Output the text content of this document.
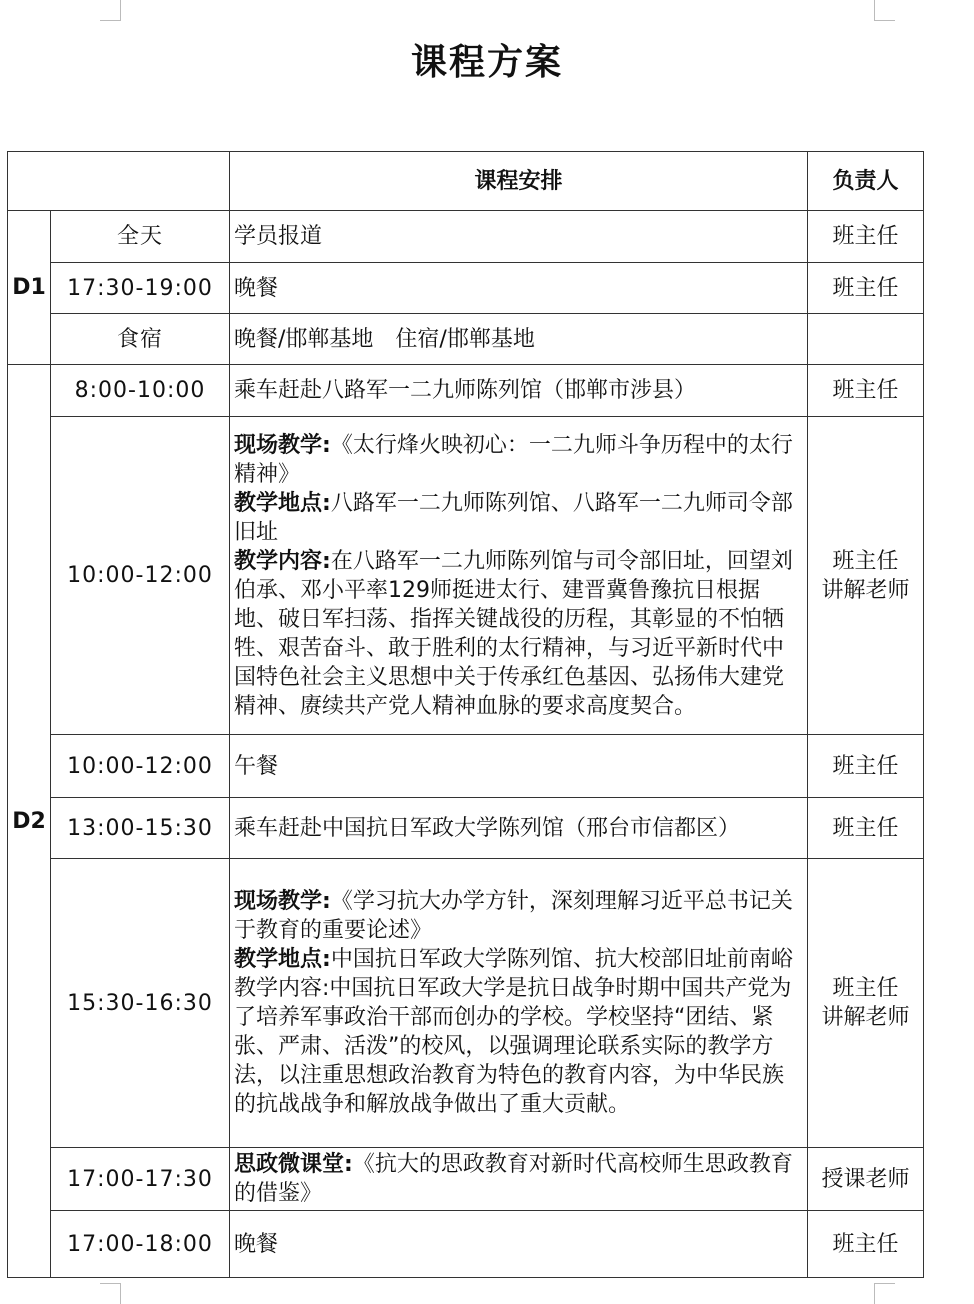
课程方案
		课程安排	负责人
D1	全天	学员报道	班主任
	17:30-19:00	晚餐	班主任
	食宿	晚餐/邯郸基地　住宿/邯郸基地	
D2	8:00-10:00	乘车赶赴八路军一二九师陈列馆（邯郸市涉县）	班主任
	10:00-12:00	现场教学:《太行烽火映初心：一二九师斗争历程中的太行精神》
教学地点:八路军一二九师陈列馆、八路军一二九师司令部旧址
教学内容:在八路军一二九师陈列馆与司令部旧址，回望刘伯承、邓小平率129师挺进太行、建晋冀鲁豫抗日根据地、破日军扫荡、指挥关键战役的历程，其彰显的不怕牺牲、艰苦奋斗、敢于胜利的太行精神，与习近平新时代中国特色社会主义思想中关于传承红色基因、弘扬伟大建党精神、赓续共产党人精神血脉的要求高度契合。	班主任
讲解老师

	10:00-12:00	午餐	班主任
	13:00-15:30	乘车赶赴中国抗日军政大学陈列馆（邢台市信都区）	班主任
	15:30-16:30	现场教学:《学习抗大办学方针，深刻理解习近平总书记关于教育的重要论述》
教学地点:中国抗日军政大学陈列馆、抗大校部旧址前南峪
教学内容:中国抗日军政大学是抗日战争时期中国共产党为了培养军事政治干部而创办的学校。学校坚持“团结、紧张、严肃、活泼”的校风，以强调理论联系实际的教学方法，以注重思想政治教育为特色的教育内容，为中华民族的抗战战争和解放战争做出了重大贡献。	班主任
讲解老师

	17:00-17:30	思政微课堂:《抗大的思政教育对新时代高校师生思政教育的借鉴》	授课老师
	17:00-18:00	晚餐	班主任
